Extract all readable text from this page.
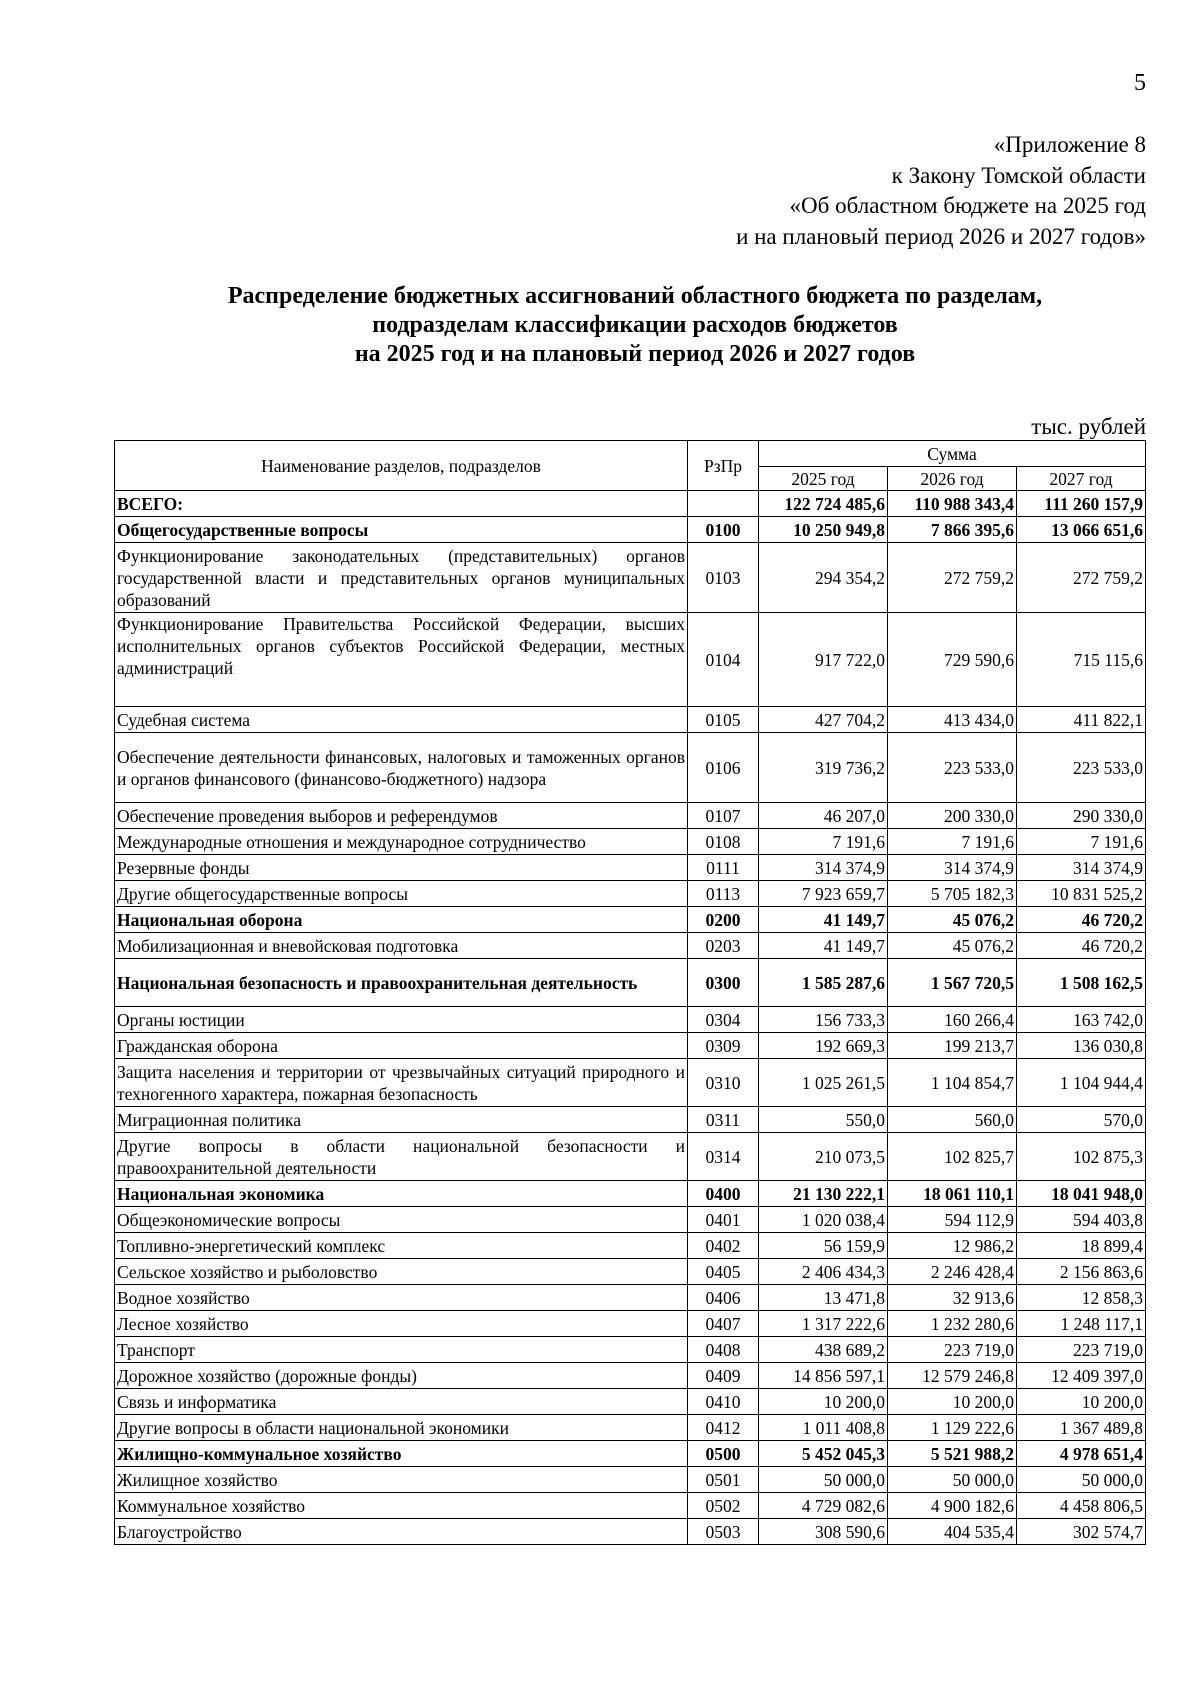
5
«Приложение 8
к Закону Томской области
«Об областном бюджете на 2025 год
и на плановый период 2026 и 2027 годов»
Распределение бюджетных ассигнований областного бюджета по разделам,
подразделам классификации расходов бюджетов
на 2025 год и на плановый период 2026 и 2027 годов
тыс. рублей
Наименование разделов, подразделов	РзПр	Сумма		
		2025 год	2026 год	2027 год
ВСЕГО:		122 724 485,6	110 988 343,4	111 260 157,9
Общегосударственные вопросы	0100	10 250 949,8	7 866 395,6	13 066 651,6
Функционирование законодательных (представительных) органов государственной власти и представительных органов муниципальных образований	0103	294 354,2	272 759,2	272 759,2
Функционирование Правительства Российской Федерации, высших исполнительных органов субъектов Российской Федерации, местных администраций	0104	917 722,0	729 590,6	715 115,6
Судебная система	0105	427 704,2	413 434,0	411 822,1
Обеспечение деятельности финансовых, налоговых и таможенных органов и органов финансового (финансово-бюджетного) надзора	0106	319 736,2	223 533,0	223 533,0
Обеспечение проведения выборов и референдумов	0107	46 207,0	200 330,0	290 330,0
Международные отношения и международное сотрудничество	0108	7 191,6	7 191,6	7 191,6
Резервные фонды	0111	314 374,9	314 374,9	314 374,9
Другие общегосударственные вопросы	0113	7 923 659,7	5 705 182,3	10 831 525,2
Национальная оборона	0200	41 149,7	45 076,2	46 720,2
Мобилизационная и вневойсковая подготовка	0203	41 149,7	45 076,2	46 720,2
Национальная безопасность и правоохранительная деятельность	0300	1 585 287,6	1 567 720,5	1 508 162,5
Органы юстиции	0304	156 733,3	160 266,4	163 742,0
Гражданская оборона	0309	192 669,3	199 213,7	136 030,8
Защита населения и территории от чрезвычайных ситуаций природного и техногенного характера, пожарная безопасность	0310	1 025 261,5	1 104 854,7	1 104 944,4
Миграционная политика	0311	550,0	560,0	570,0
Другие вопросы в области национальной безопасности и правоохранительной деятельности	0314	210 073,5	102 825,7	102 875,3
Национальная экономика	0400	21 130 222,1	18 061 110,1	18 041 948,0
Общеэкономические вопросы	0401	1 020 038,4	594 112,9	594 403,8
Топливно-энергетический комплекс	0402	56 159,9	12 986,2	18 899,4
Сельское хозяйство и рыболовство	0405	2 406 434,3	2 246 428,4	2 156 863,6
Водное хозяйство	0406	13 471,8	32 913,6	12 858,3
Лесное хозяйство	0407	1 317 222,6	1 232 280,6	1 248 117,1
Транспорт	0408	438 689,2	223 719,0	223 719,0
Дорожное хозяйство (дорожные фонды)	0409	14 856 597,1	12 579 246,8	12 409 397,0
Связь и информатика	0410	10 200,0	10 200,0	10 200,0
Другие вопросы в области национальной экономики	0412	1 011 408,8	1 129 222,6	1 367 489,8
Жилищно-коммунальное хозяйство	0500	5 452 045,3	5 521 988,2	4 978 651,4
Жилищное хозяйство	0501	50 000,0	50 000,0	50 000,0
Коммунальное хозяйство	0502	4 729 082,6	4 900 182,6	4 458 806,5
Благоустройство	0503	308 590,6	404 535,4	302 574,7
